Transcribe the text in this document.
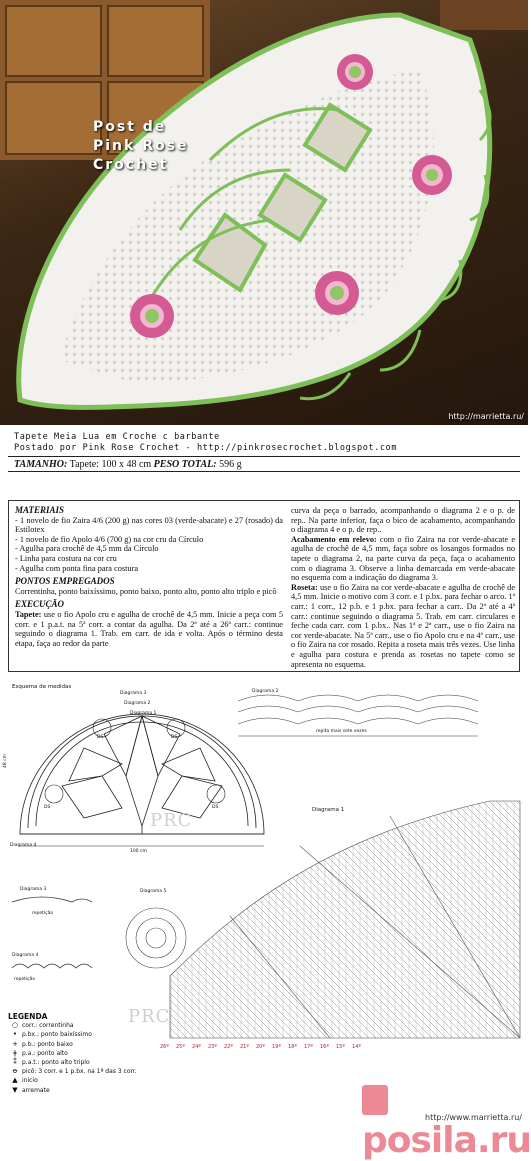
Post de
Pink Rose
Crochet
http://marrietta.ru/
Tapete Meia Lua em Croche c barbante
Postado por Pink Rose Crochet - http://pinkrosecrochet.blogspot.com
TAMANHO: Tapete: 100 x 48 cm PESO TOTAL: 596 g
MATERIAIS

- 1 novelo de fio Zaira 4/6 (200 g) nas cores 03 (verde-abacate) e 27 (rosado) da Estilotex

- 1 novelo de fio Apolo 4/6 (700 g) na cor cru da Círculo

- Agulha para crochê de 4,5 mm da Círculo

- Linha para costura na cor cru

- Agulha com ponta fina para costura

PONTOS EMPREGADOS

Correntinha, ponto baixíssimo, ponto baixo, ponto alto, ponto alto triplo e picô

EXECUÇÃO

Tapete: use o fio Apolo cru e agulha de crochê de 4,5 mm. Inicie a peça com 5 corr. e 1 p.a.t. na 5ª corr. a contar da agulha. Da 2ª até a 26ª carr.: continue seguindo o diagrama 1. Trab. em carr. de ida e volta. Após o término desta etapa, faça ao redor da parte

curva da peça o barrado, acompanhando o diagrama 2 e o p. de rep.. Na parte inferior, faça o bico de acabamento, acompanhando o diagrama 4 e o p. de rep..

Acabamento em relevo: com o fio Zaira na cor verde-abacate e agulha de crochê de 4,5 mm, faça sobre os losangos formados no tapete o diagrama 2, na parte curva da peça, faça o acabamento com o diagrama 3. Observe a linha demarcada em verde-abacate no esquema com a indicação do diagrama 3.

Roseta: use o fio Zaira na cor verde-abacate e agulha de crochê de 4,5 mm. Inicie o motivo com 3 corr. e 1 p.bx. para fechar o arco. 1ª carr.: 1 corr., 12 p.b. e 1 p.bx. para fechar a carr.. Da 2ª até a 4ª carr.: continue seguindo o diagrama 5. Trab. em carr. circulares e feche cada carr. com 1 p.bx.. Nas 1ª e 2ª carr., use o fio Zaira na cor verde-abacate. Na 5ª carr., use o fio Apolo cru e na 4ª carr., use o fio Zaira na cor rosado. Repita a roseta mais três vezes. Use linha e agulha para costura e prenda as rosetas no tapete como se apresenta no esquema.

Esquema de medidas
Diagrama 3
Diagrama 2
Diagrama 1
Diagrama 4
48 cm
100 cm
DS	DS
DS	DS
Diagrama 2
repita mais sete vezes
Diagrama 1
26ª 25ª 24ª 23ª 22ª 21ª 20ª 19ª 18ª 17ª 16ª 15ª 14ª
Diagrama 3
repetição
Diagrama 5
Diagrama 4
repetição
PRC
PRC
LEGENDA
○ corr.: correntinha
• p.bx.: ponto baixíssimo
+ p.b.: ponto baixo
ǂ p.a.: ponto alto
⁑ p.a.t.: ponto alto triplo
ꝋ picô: 3 corr. e 1 p.bx. na 1ª das 3 corr.
▲ início
▼ arremate
posila.ru
http://www.marrietta.ru/
